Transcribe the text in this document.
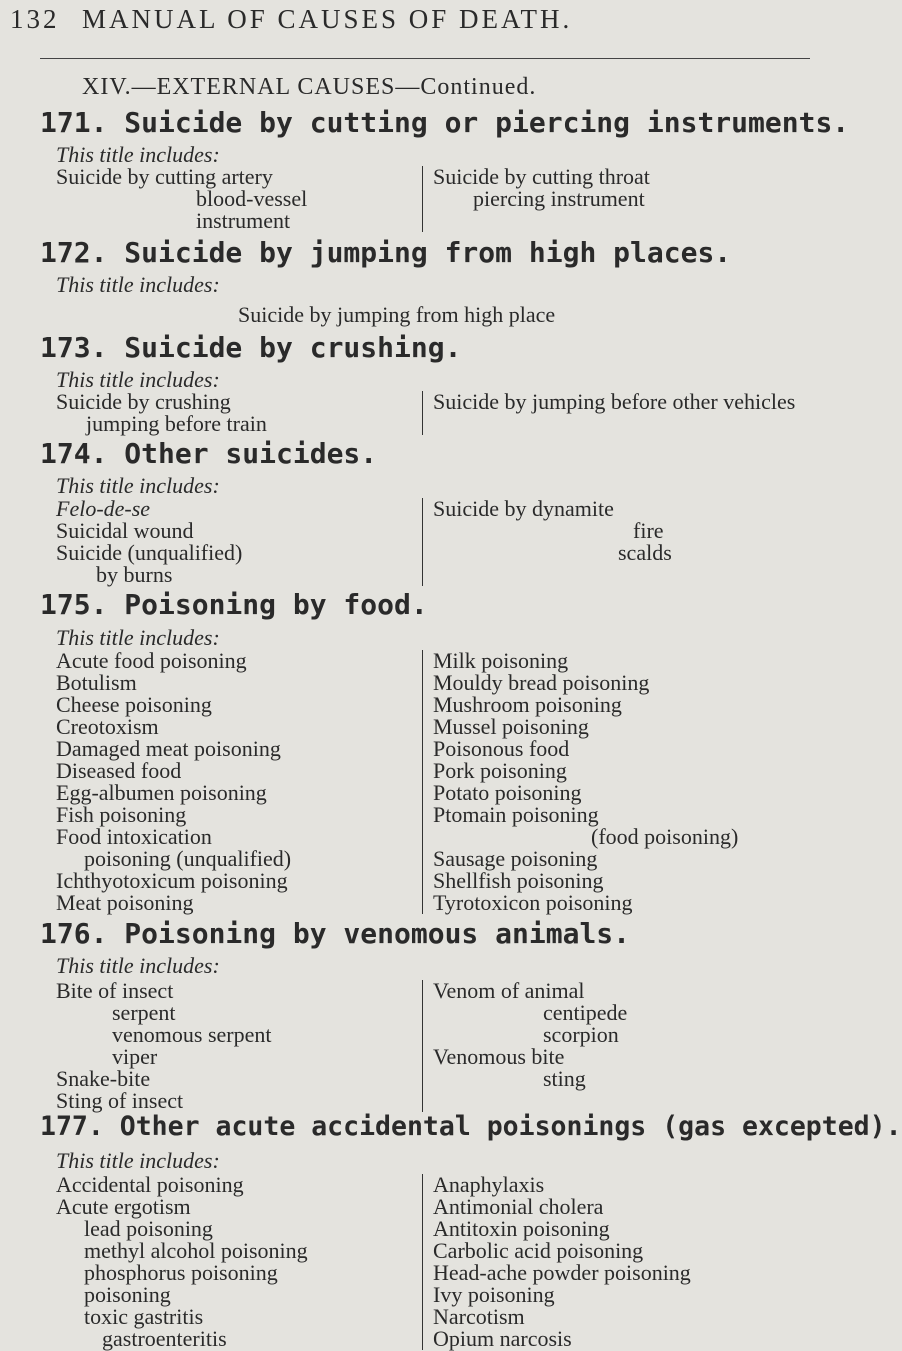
132 MANUAL OF CAUSES OF DEATH.
XIV.—EXTERNAL CAUSES—Continued.
171. Suicide by cutting or piercing instruments.
This title includes:
Suicide by cutting artery
blood-vessel
instrument
Suicide by cutting throat
piercing instrument
172. Suicide by jumping from high places.
This title includes:
Suicide by jumping from high place
173. Suicide by crushing.
This title includes:
Suicide by crushing
jumping before train
Suicide by jumping before other vehicles
174. Other suicides.
This title includes:
Felo-de-se
Suicidal wound
Suicide (unqualified)
by burns
Suicide by dynamite
fire
scalds
175. Poisoning by food.
This title includes:
Acute food poisoning
Botulism
Cheese poisoning
Creotoxism
Damaged meat poisoning
Diseased food
Egg-albumen poisoning
Fish poisoning
Food intoxication
poisoning (unqualified)
Ichthyotoxicum poisoning
Meat poisoning
Milk poisoning
Mouldy bread poisoning
Mushroom poisoning
Mussel poisoning
Poisonous food
Pork poisoning
Potato poisoning
Ptomain poisoning
(food poisoning)
Sausage poisoning
Shellfish poisoning
Tyrotoxicon poisoning
176. Poisoning by venomous animals.
This title includes:
Bite of insect
serpent
venomous serpent
viper
Snake-bite
Sting of insect
Venom of animal
centipede
scorpion
Venomous bite
sting
177. Other acute accidental poisonings (gas excepted).
This title includes:
Accidental poisoning
Acute ergotism
lead poisoning
methyl alcohol poisoning
phosphorus poisoning
poisoning
toxic gastritis
gastroenteritis
Anaphylaxis
Antimonial cholera
Antitoxin poisoning
Carbolic acid poisoning
Head-ache powder poisoning
Ivy poisoning
Narcotism
Opium narcosis
